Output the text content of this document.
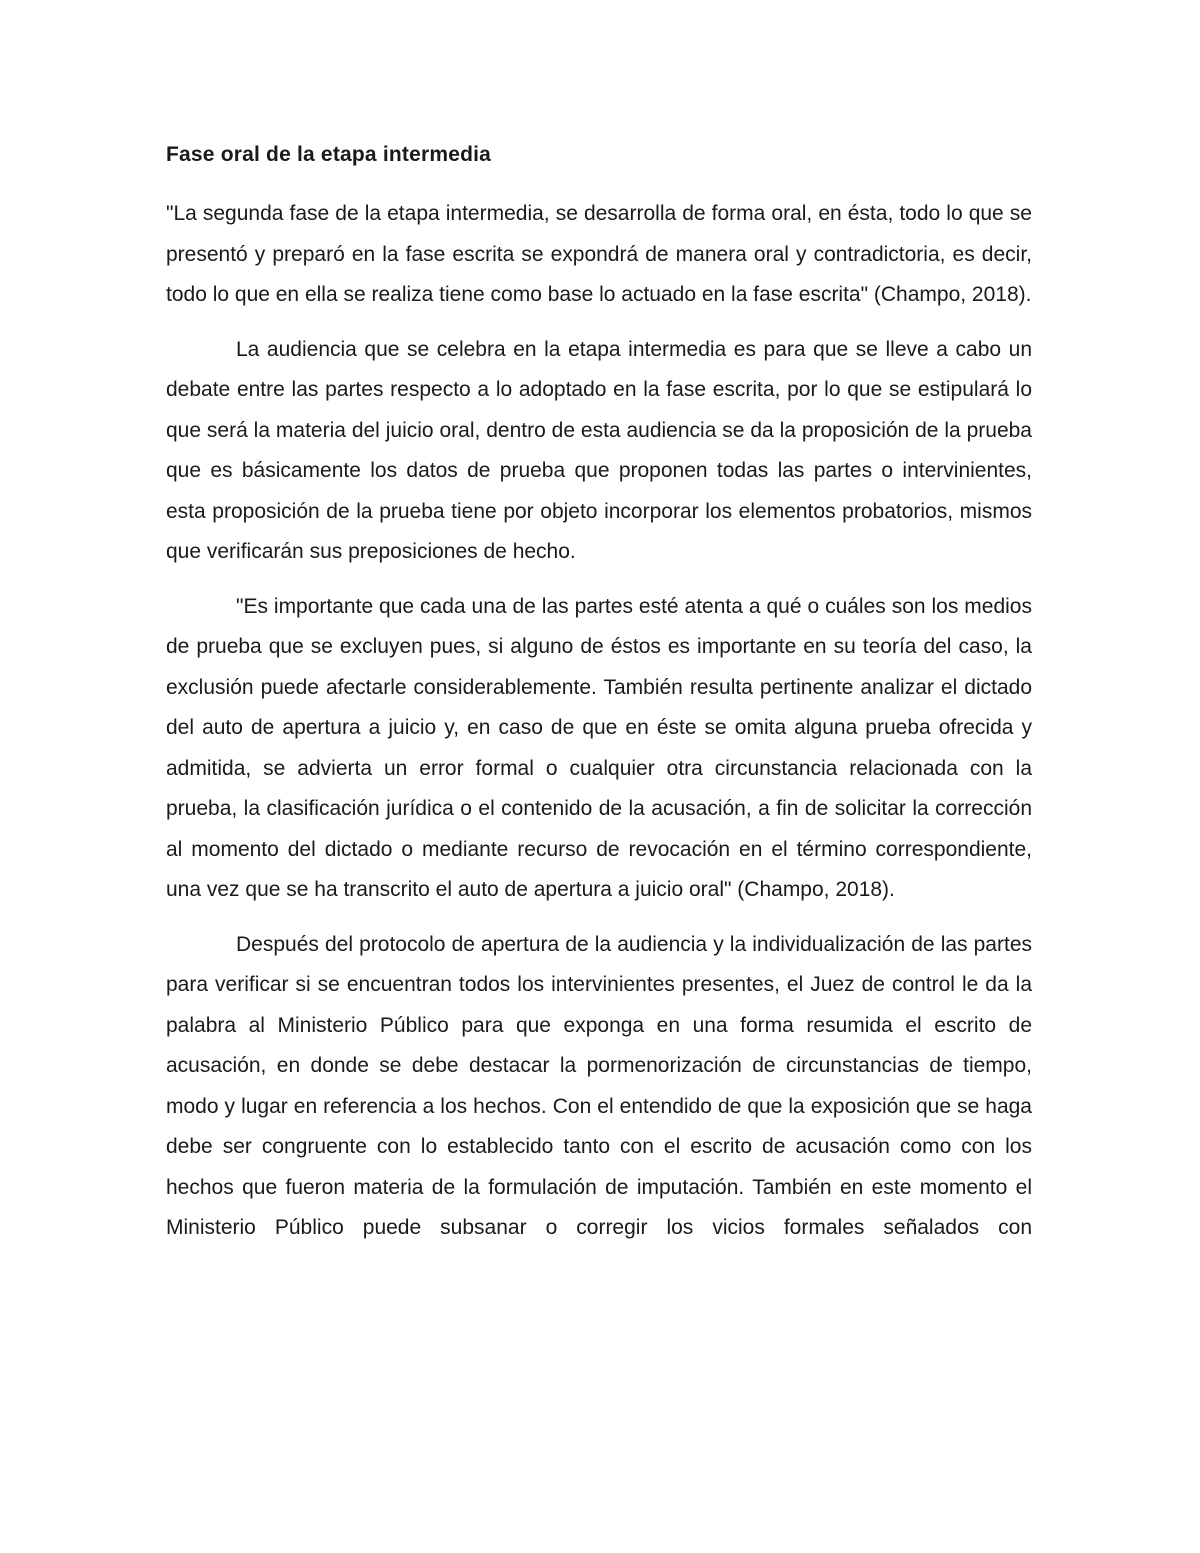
Fase oral de la etapa intermedia

"La segunda fase de la etapa intermedia, se desarrolla de forma oral, en ésta, todo lo que se presentó y preparó en la fase escrita se expondrá de manera oral y contradictoria, es decir, todo lo que en ella se realiza tiene como base lo actuado en la fase escrita" (Champo, 2018).

La audiencia que se celebra en la etapa intermedia es para que se lleve a cabo un debate entre las partes respecto a lo adoptado en la fase escrita, por lo que se estipulará lo que será la materia del juicio oral, dentro de esta audiencia se da la proposición de la prueba que es básicamente los datos de prueba que proponen todas las partes o intervinientes, esta proposición de la prueba tiene por objeto incorporar los elementos probatorios, mismos que verificarán sus preposiciones de hecho.

"Es importante que cada una de las partes esté atenta a qué o cuáles son los medios de prueba que se excluyen pues, si alguno de éstos es importante en su teoría del caso, la exclusión puede afectarle considerablemente. También resulta pertinente analizar el dictado del auto de apertura a juicio y, en caso de que en éste se omita alguna prueba ofrecida y admitida, se advierta un error formal o cualquier otra circunstancia relacionada con la prueba, la clasificación jurídica o el contenido de la acusación, a fin de solicitar la corrección al momento del dictado o mediante recurso de revocación en el término correspondiente, una vez que se ha transcrito el auto de apertura a juicio oral" (Champo, 2018).

Después del protocolo de apertura de la audiencia y la individualización de las partes para verificar si se encuentran todos los intervinientes presentes, el Juez de control le da la palabra al Ministerio Público para que exponga en una forma resumida el escrito de acusación, en donde se debe destacar la pormenorización de circunstancias de tiempo, modo y lugar en referencia a los hechos. Con el entendido de que la exposición que se haga debe ser congruente con lo establecido tanto con el escrito de acusación como con los hechos que fueron materia de la formulación de imputación. También en este momento el Ministerio Público puede subsanar o corregir los vicios formales señalados con
